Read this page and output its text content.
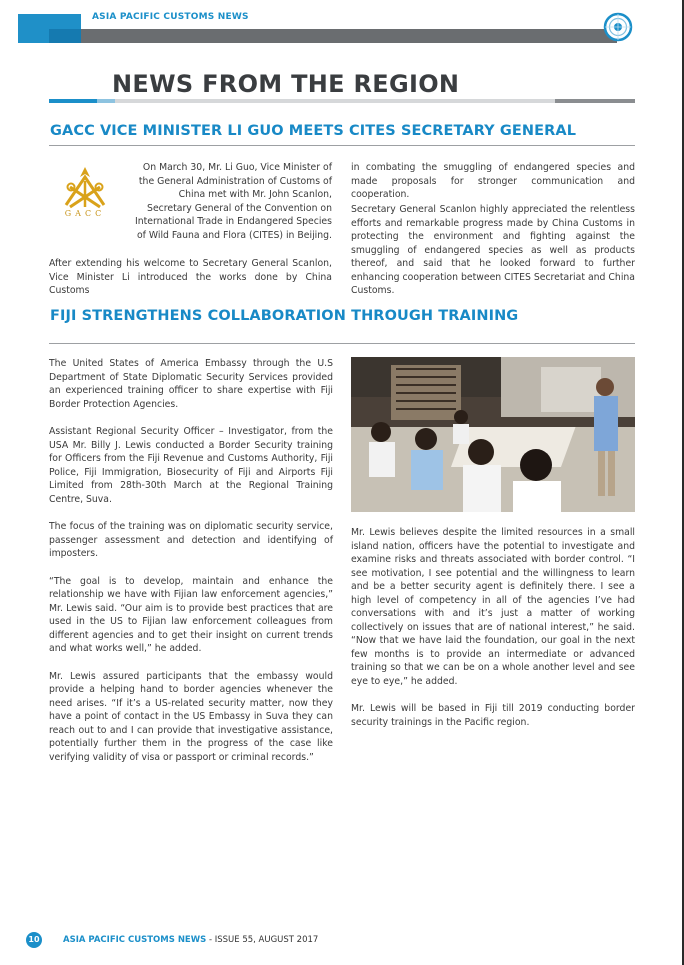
ASIA PACIFIC CUSTOMS NEWS
NEWS FROM THE REGION
GACC VICE MINISTER LI GUO MEETS CITES SECRETARY GENERAL
GACC

On March 30, Mr. Li Guo, Vice Minister of the General Administration of Customs of China met with Mr. John Scanlon, Secretary General of the Convention on International Trade in Endangered Species of Wild Fauna and Flora (CITES) in Beijing.

After extending his welcome to Secretary General Scanlon, Vice Minister Li introduced the works done by China Customs

in combating the smuggling of endangered species and made proposals for stronger communication and cooperation.

Secretary General Scanlon highly appreciated the relentless efforts and remarkable progress made by China Customs in protecting the environment and fighting against the smuggling of endangered species as well as products thereof, and said that he looked forward to further enhancing cooperation between CITES Secretariat and China Customs.

FIJI STRENGTHENS COLLABORATION THROUGH TRAINING

The United States of America Embassy through the U.S Department of State Diplomatic Security Services provided an experienced training officer to share expertise with Fiji Border Protection Agencies.

Assistant Regional Security Officer – Investigator, from the USA Mr. Billy J. Lewis conducted a Border Security training for Officers from the Fiji Revenue and Customs Authority, Fiji Police, Fiji Immigration, Biosecurity of Fiji and Airports Fiji Limited from 28th-30th March at the Regional Training Centre, Suva.

The focus of the training was on diplomatic security service, passenger assessment and detection and identifying of imposters.

“The goal is to develop, maintain and enhance the relationship we have with Fijian law enforcement agencies,” Mr. Lewis said. “Our aim is to provide best practices that are used in the US to Fijian law enforcement colleagues from different agencies and to get their insight on current trends and what works well,” he added.

Mr. Lewis assured participants that the embassy would provide a helping hand to border agencies whenever the need arises. “If it’s a US-related security matter, now they have a point of contact in the US Embassy in Suva they can reach out to and I can provide that investigative assistance, potentially further them in the progress of the case like verifying validity of visa or passport or criminal records.”

Mr. Lewis believes despite the limited resources in a small island nation, officers have the potential to investigate and examine risks and threats associated with border control. “I see motivation, I see potential and the willingness to learn and be a better security agent is definitely there. I see a high level of competency in all of the agencies I’ve had conversations with and it’s just a matter of working collectively on issues that are of national interest,” he said. “Now that we have laid the foundation, our goal in the next few months is to provide an intermediate or advanced training so that we can be on a whole another level and see eye to eye,” he added.

Mr. Lewis will be based in Fiji till 2019 conducting border security trainings in the Pacific region.

10	ASIA PACIFIC CUSTOMS NEWS - ISSUE 55, AUGUST 2017
